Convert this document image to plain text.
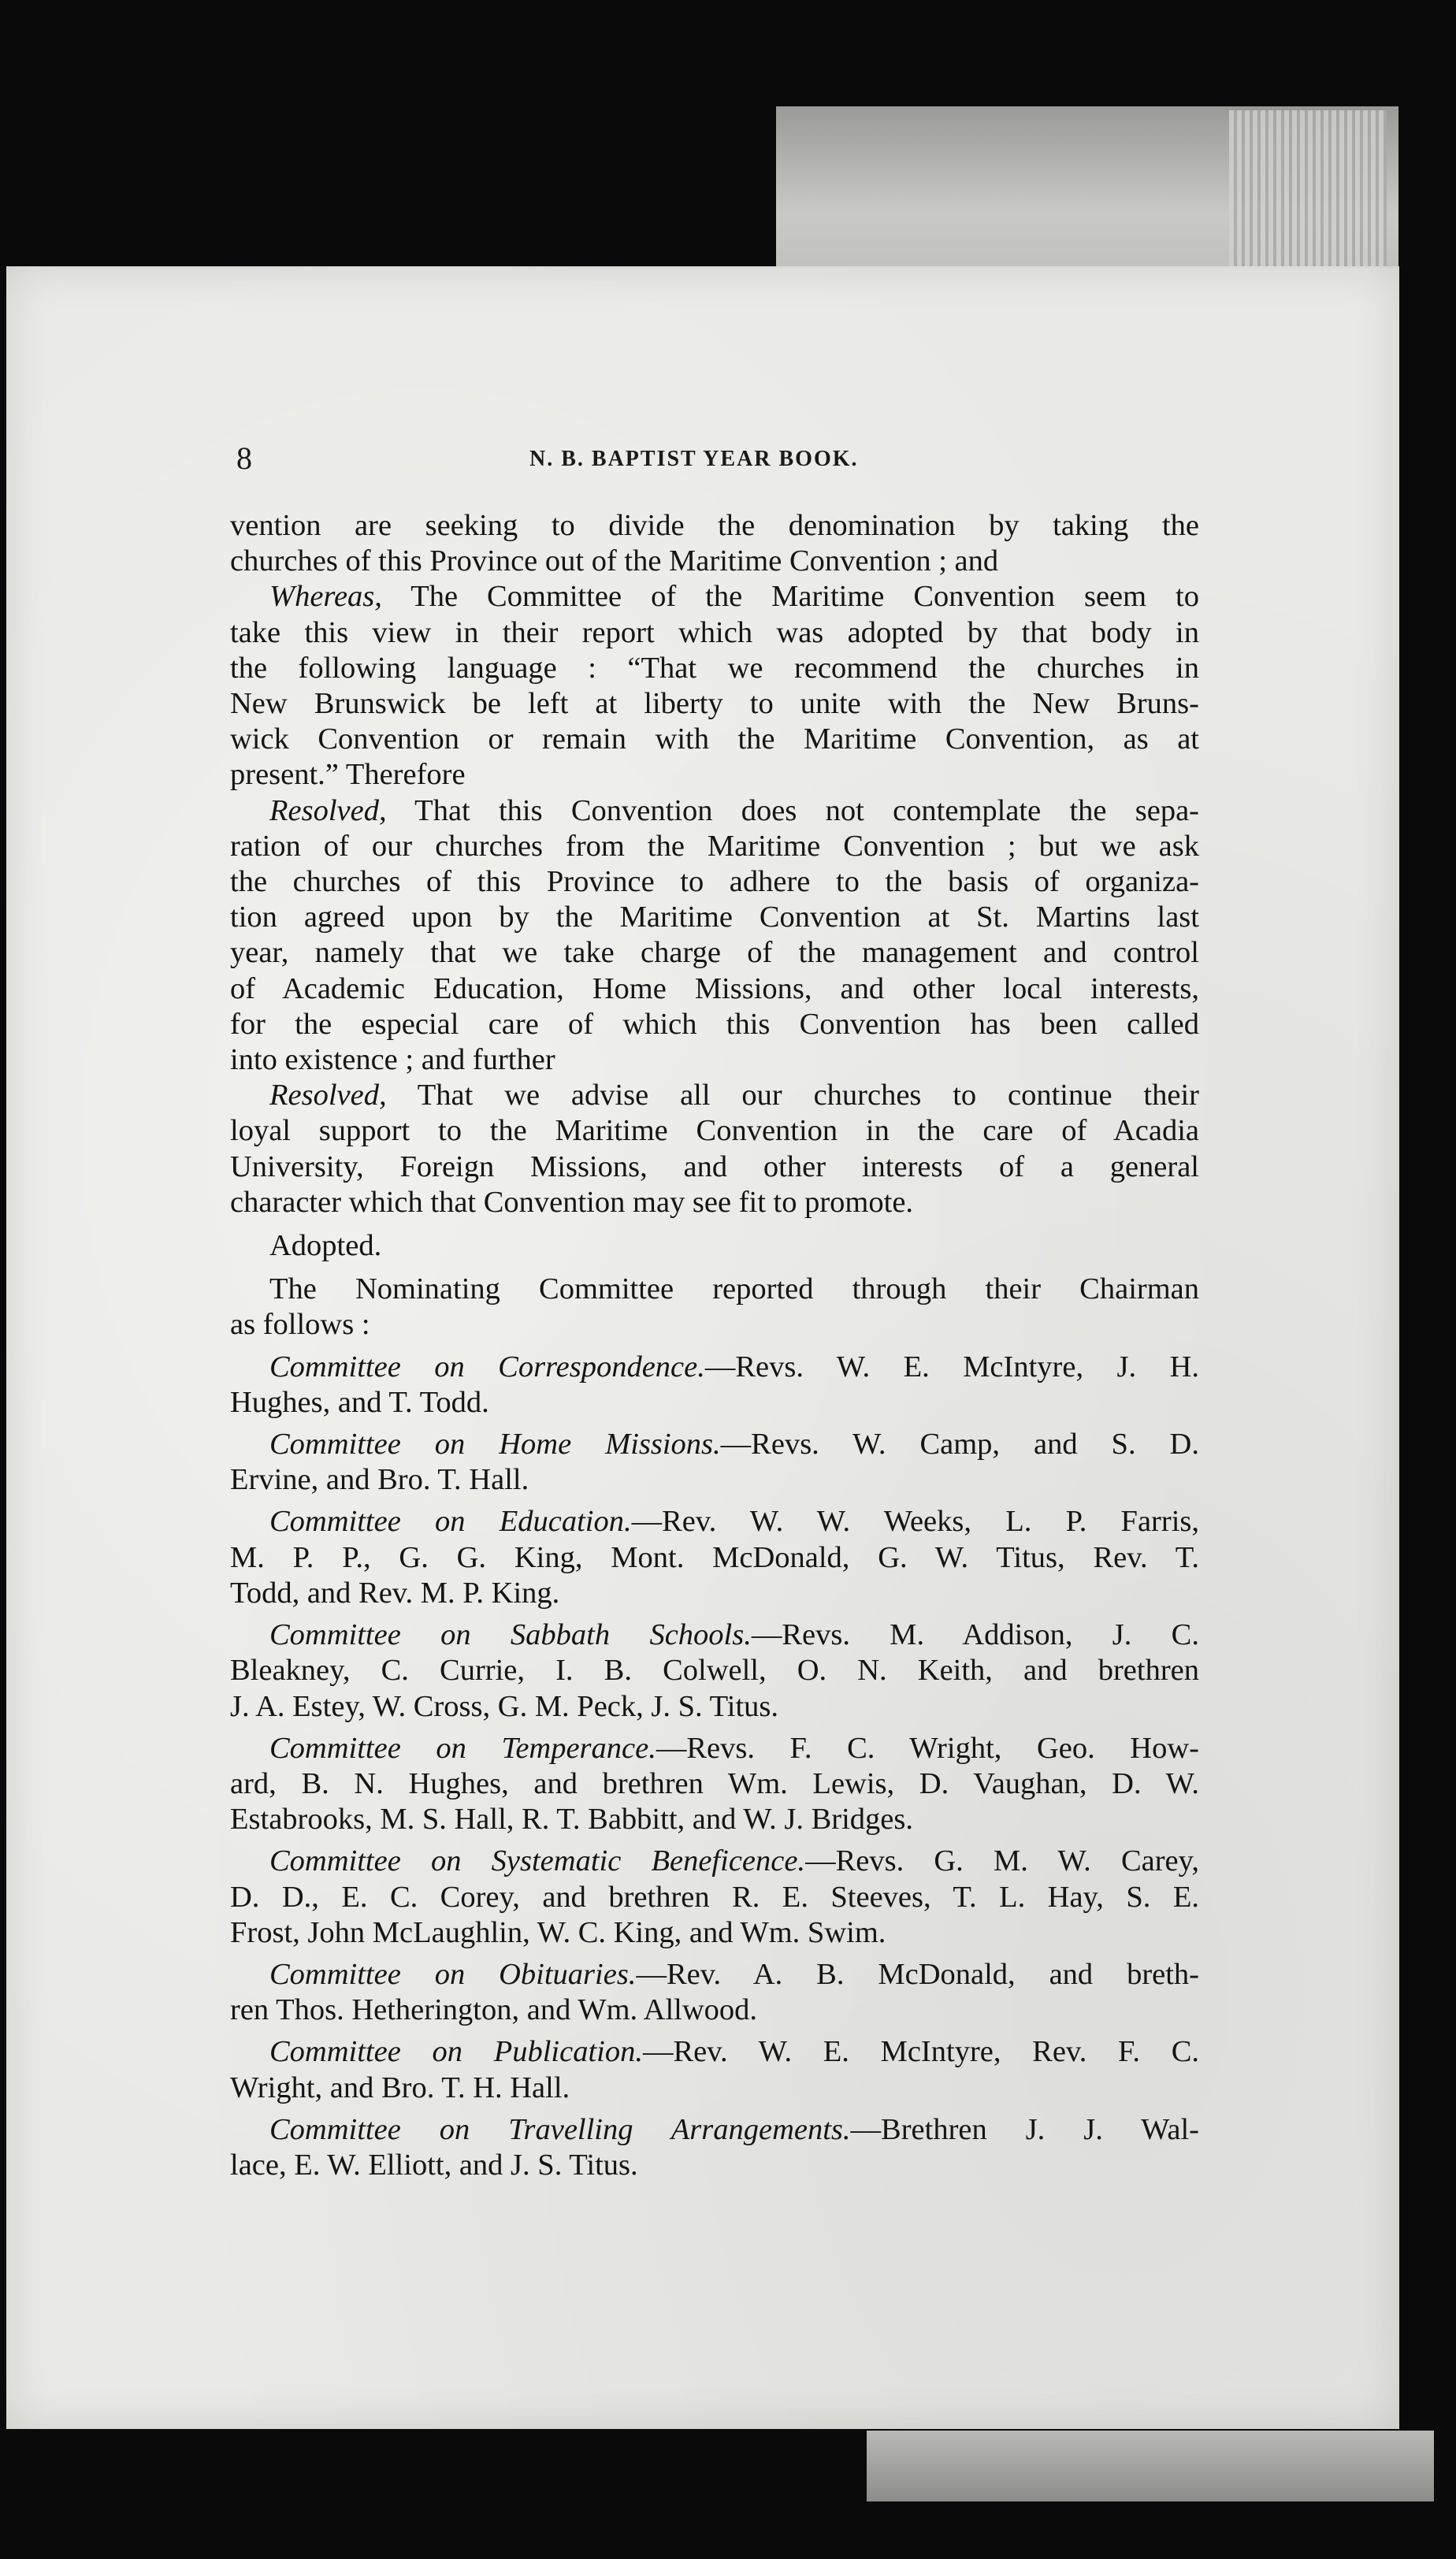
8	N. B. BAPTIST YEAR BOOK.
vention are seeking to divide the denomination by taking the
churches of this Province out of the Maritime Convention ; and
Whereas, The Committee of the Maritime Convention seem to
take this view in their report which was adopted by that body in
the following language : “That we recommend the churches in
New Brunswick be left at liberty to unite with the New Bruns-
wick Convention or remain with the Maritime Convention, as at
present.” Therefore
Resolved, That this Convention does not contemplate the sepa-
ration of our churches from the Maritime Convention ; but we ask
the churches of this Province to adhere to the basis of organiza-
tion agreed upon by the Maritime Convention at St. Martins last
year, namely that we take charge of the management and control
of Academic Education, Home Missions, and other local interests,
for the especial care of which this Convention has been called
into existence ; and further
Resolved, That we advise all our churches to continue their
loyal support to the Maritime Convention in the care of Acadia
University, Foreign Missions, and other interests of a general
character which that Convention may see fit to promote.
Adopted.
The Nominating Committee reported through their Chairman
as follows :
Committee on Correspondence.—Revs. W. E. McIntyre, J. H.
Hughes, and T. Todd.
Committee on Home Missions.—Revs. W. Camp, and S. D.
Ervine, and Bro. T. Hall.
Committee on Education.—Rev. W. W. Weeks, L. P. Farris,
M. P. P., G. G. King, Mont. McDonald, G. W. Titus, Rev. T.
Todd, and Rev. M. P. King.
Committee on Sabbath Schools.—Revs. M. Addison, J. C.
Bleakney, C. Currie, I. B. Colwell, O. N. Keith, and brethren
J. A. Estey, W. Cross, G. M. Peck, J. S. Titus.
Committee on Temperance.—Revs. F. C. Wright, Geo. How-
ard, B. N. Hughes, and brethren Wm. Lewis, D. Vaughan, D. W.
Estabrooks, M. S. Hall, R. T. Babbitt, and W. J. Bridges.
Committee on Systematic Beneficence.—Revs. G. M. W. Carey,
D. D., E. C. Corey, and brethren R. E. Steeves, T. L. Hay, S. E.
Frost, John McLaughlin, W. C. King, and Wm. Swim.
Committee on Obituaries.—Rev. A. B. McDonald, and breth-
ren Thos. Hetherington, and Wm. Allwood.
Committee on Publication.—Rev. W. E. McIntyre, Rev. F. C.
Wright, and Bro. T. H. Hall.
Committee on Travelling Arrangements.—Brethren J. J. Wal-
lace, E. W. Elliott, and J. S. Titus.
